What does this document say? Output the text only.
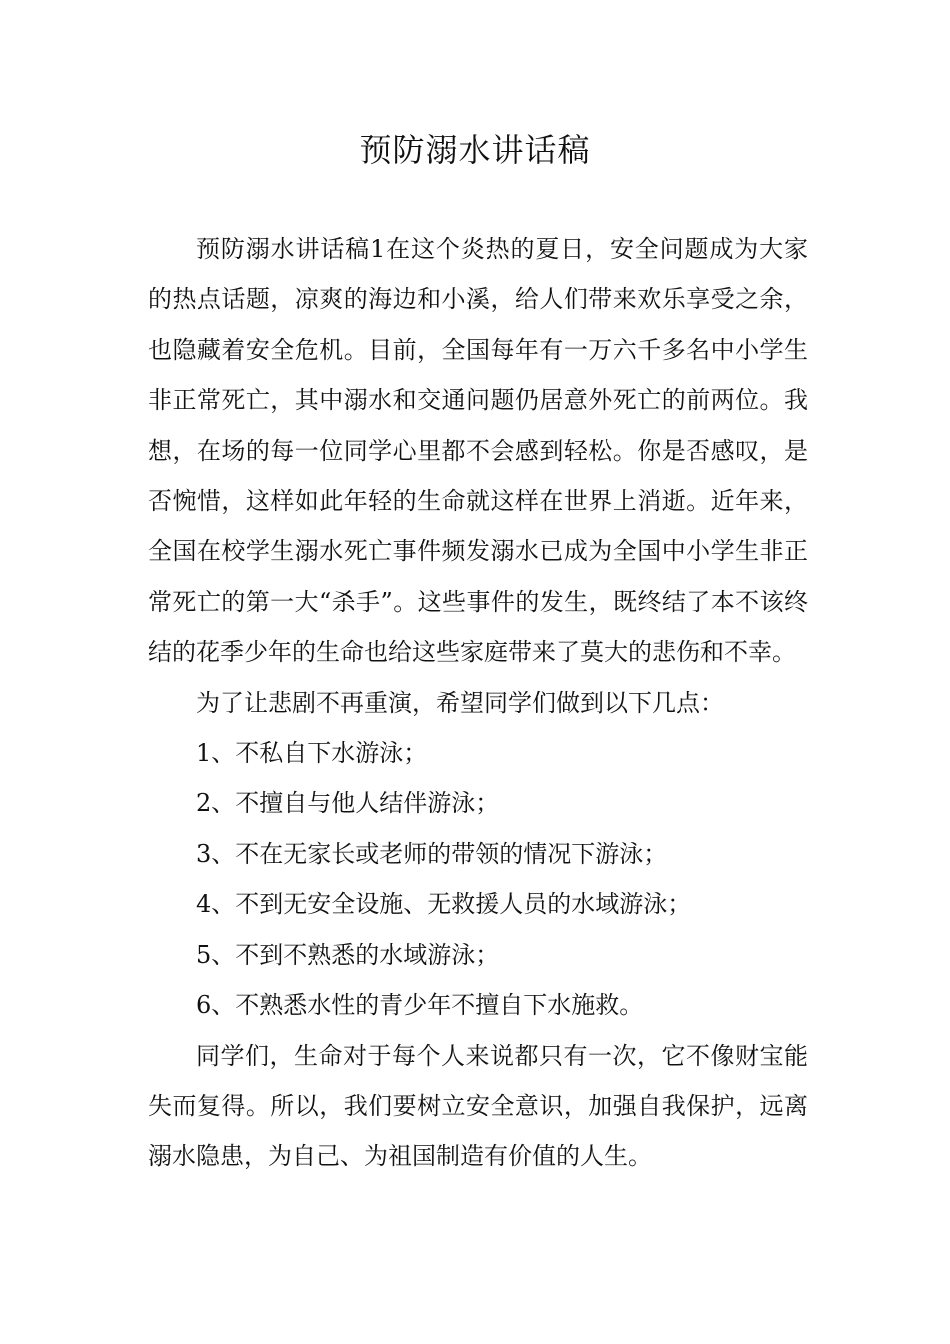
预防溺水讲话稿

预防溺水讲话稿1在这个炎热的夏日，安全问题成为大家的热点话题，凉爽的海边和小溪，给人们带来欢乐享受之余，也隐藏着安全危机。目前，全国每年有一万六千多名中小学生非正常死亡，其中溺水和交通问题仍居意外死亡的前两位。我想，在场的每一位同学心里都不会感到轻松。你是否感叹，是否惋惜，这样如此年轻的生命就这样在世界上消逝。近年来，全国在校学生溺水死亡事件频发溺水已成为全国中小学生非正常死亡的第一大“杀手”。这些事件的发生，既终结了本不该终结的花季少年的生命也给这些家庭带来了莫大的悲伤和不幸。

为了让悲剧不再重演，希望同学们做到以下几点：

1、不私自下水游泳；

2、不擅自与他人结伴游泳；

3、不在无家长或老师的带领的情况下游泳；

4、不到无安全设施、无救援人员的水域游泳；

5、不到不熟悉的水域游泳；

6、不熟悉水性的青少年不擅自下水施救。

同学们，生命对于每个人来说都只有一次，它不像财宝能失而复得。所以，我们要树立安全意识，加强自我保护，远离溺水隐患，为自己、为祖国制造有价值的人生。
